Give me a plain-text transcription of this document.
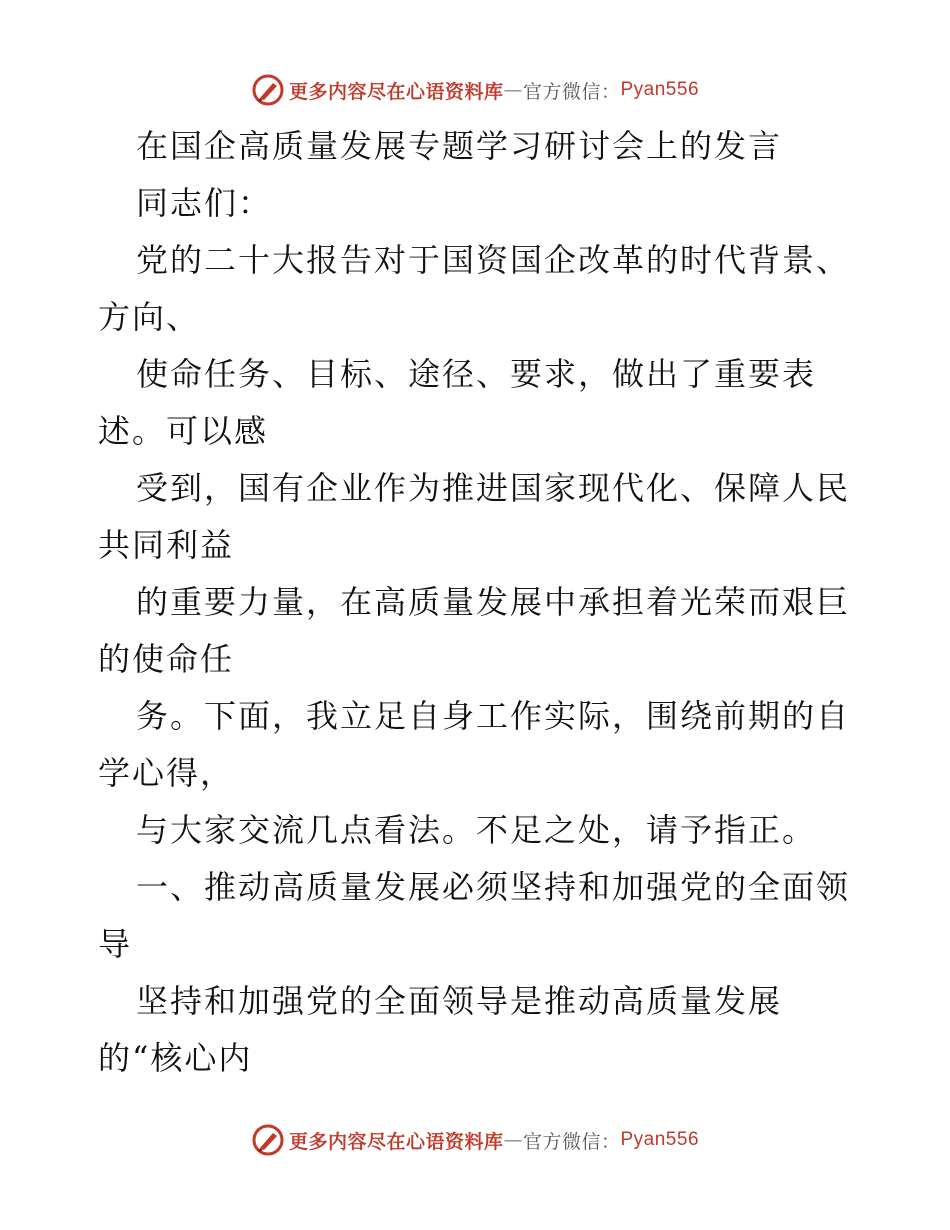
更多内容尽在心语资料库 — 官方微信： Pyan556
在国企高质量发展专题学习研讨会上的发言
同志们：
党的二十大报告对于国资国企改革的时代背景、
方向、
使命任务、目标、途径、要求，做出了重要表
述。可以感
受到，国有企业作为推进国家现代化、保障人民
共同利益
的重要力量，在高质量发展中承担着光荣而艰巨
的使命任
务。下面，我立足自身工作实际，围绕前期的自
学心得，
与大家交流几点看法。不足之处，请予指正。
一、推动高质量发展必须坚持和加强党的全面领
导
坚持和加强党的全面领导是推动高质量发展
的“核心内
更多内容尽在心语资料库 — 官方微信： Pyan556
